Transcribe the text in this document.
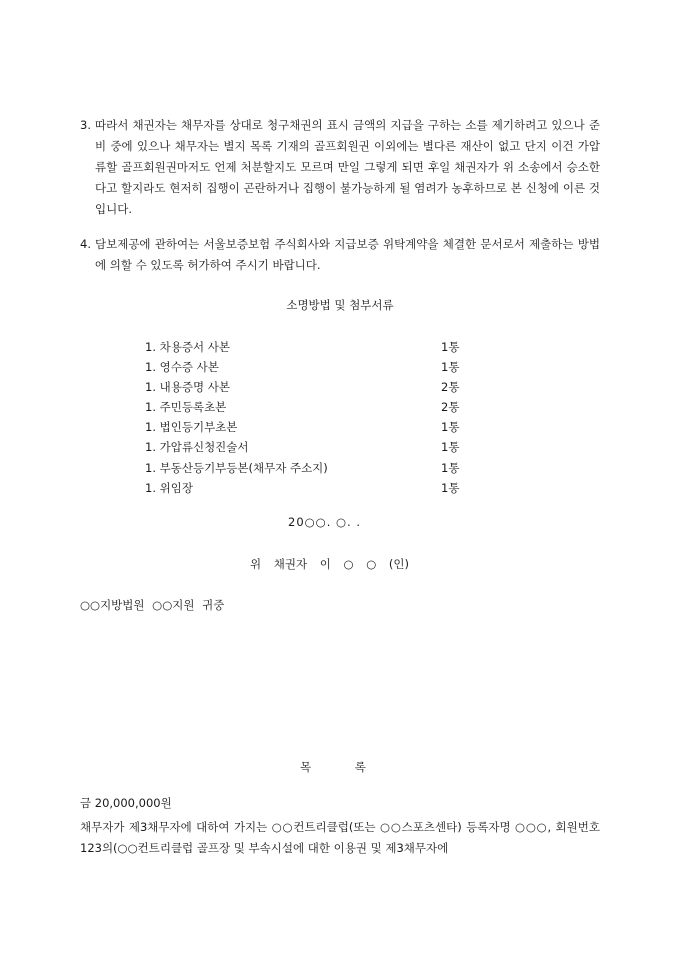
3. 따라서 채권자는 채무자를 상대로 청구채권의 표시 금액의 지급을 구하는 소를 제기하려고 있으나 준비 중에 있으나 채무자는 별지 목록 기재의 골프회원권 이외에는 별다른 재산이 없고 단지 이건 가압류할 골프회원권마저도 언제 처분할지도 모르며 만일 그렇게 되면 후일 채권자가 위 소송에서 승소한다고 할지라도 현저히 집행이 곤란하거나 집행이 불가능하게 될 염려가 농후하므로 본 신청에 이른 것입니다.
4. 담보제공에 관하여는 서울보증보험 주식회사와 지급보증 위탁계약을 체결한 문서로서 제출하는 방법에 의할 수 있도록 허가하여 주시기 바랍니다.
소명방법 및 첨부서류
1. 차용증서 사본	1통
1. 영수증 사본	1통
1. 내용증명 사본	2통
1. 주민등록초본	2통
1. 법인등기부초본	1통
1. 가압류신청진술서	1통
1. 부동산등기부등본(채무자 주소지)	1통
1. 위임장	1통
20○○. ○. .
위 채권자 이 ○ ○ (인)
○○지방법원 ○○지원 귀중
목 록
금 20,000,000원
채무자가 제3채무자에 대하여 가지는 ○○컨트리클럽(또는 ○○스포츠센타) 등록자명 ○○○, 회원번호 123의(○○컨트리클럽 골프장 및 부속시설에 대한 이용권 및 제3채무자에
